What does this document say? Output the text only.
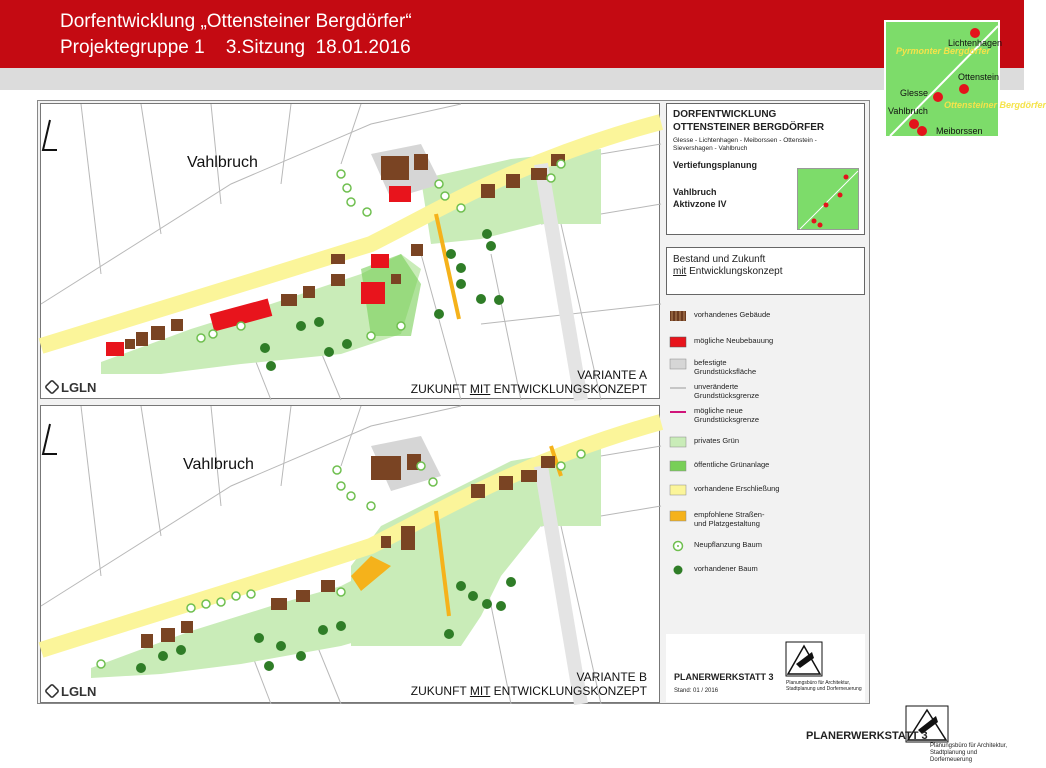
Dorfentwicklung „Ottensteiner Bergdörfer“
Projektegruppe 1    3.Sitzung  18.01.2016	Pyrmonter Bergdörfer
Lichtenhagen
Ottenstein
Glesse
Vahlbruch
Ottensteiner Bergdörfer
Meiborssen
Vahlbruch
VARIANTE A
ZUKUNFT MIT ENTWICKLUNGSKONZEPT
LGLN
Vahlbruch
VARIANTE B
ZUKUNFT MIT ENTWICKLUNGSKONZEPT
LGLN
DORFENTWICKLUNG
OTTENSTEINER BERGDÖRFER
Glesse - Lichtenhagen - Meiborssen - Ottenstein - Sievershagen - Vahlbruch
Vertiefungsplanung
Vahlbruch
Aktivzone IV
Bestand und Zukunft
mit Entwicklungskonzept
vorhandenes Gebäude
mögliche Neubebauung
befestigte
Grundstücksfläche
unveränderte
Grundstücksgrenze
mögliche neue
Grundstücksgrenze
privates Grün
öffentliche Grünanlage
vorhandene Erschließung
empfohlene Straßen-
und Platzgestaltung
Neupflanzung Baum
vorhandener Baum
PLANERWERKSTATT 3
Planungsbüro für Architektur, Stadtplanung und Dorferneuerung
Stand: 01 / 2016
PLANERWERKSTATT 3
Planungsbüro für Architektur, Stadtplanung und Dorferneuerung
